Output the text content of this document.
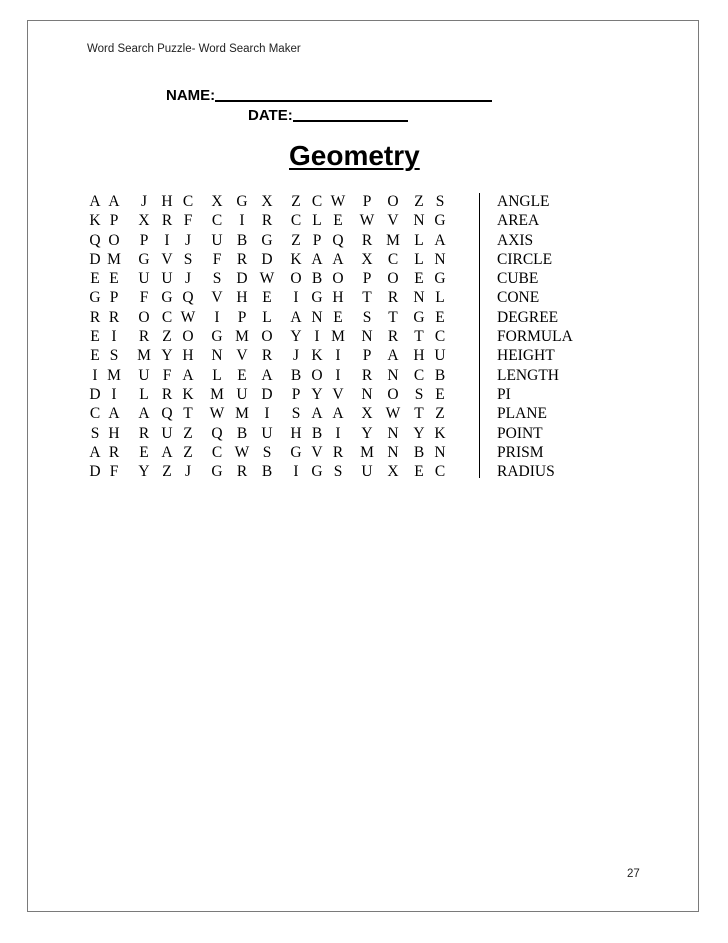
Word Search Puzzle- Word Search Maker
NAME:
DATE:
Geometry
A A	J H C	X G X	Z C W	P	O	Z S
K P	X R F	C	I	R	C L E	W V N G
Q O	P	I J	U B G	Z P Q	R M L A
D M G V S	F	R D K A A X C	L N
E E	U U J	S D W O B O	P	O	E G
G P	F G Q V H E	I G H	T	R N L
R R	O C W	I	P	L	A N E	S	T	G E
E I	R Z O G M O Y I M N R	T C
E S	M Y H N V R	J K I	P	A H U
I M U F A	L	E A	B O I	R N C B
D I	L R K M U D	P Y V N O	S E
C A A Q T	W M	I	S A A X W T Z
S H	R U Z	Q B U H B I	Y N Y K
A R	E A Z	C W S	G V R	M N B N
D F	Y Z J	G R B	I G S	U X	E C
ANGLE
AREA
AXIS
CIRCLE
CUBE
CONE
DEGREE
FORMULA
HEIGHT
LENGTH
PI
PLANE
POINT
PRISM
RADIUS
27
